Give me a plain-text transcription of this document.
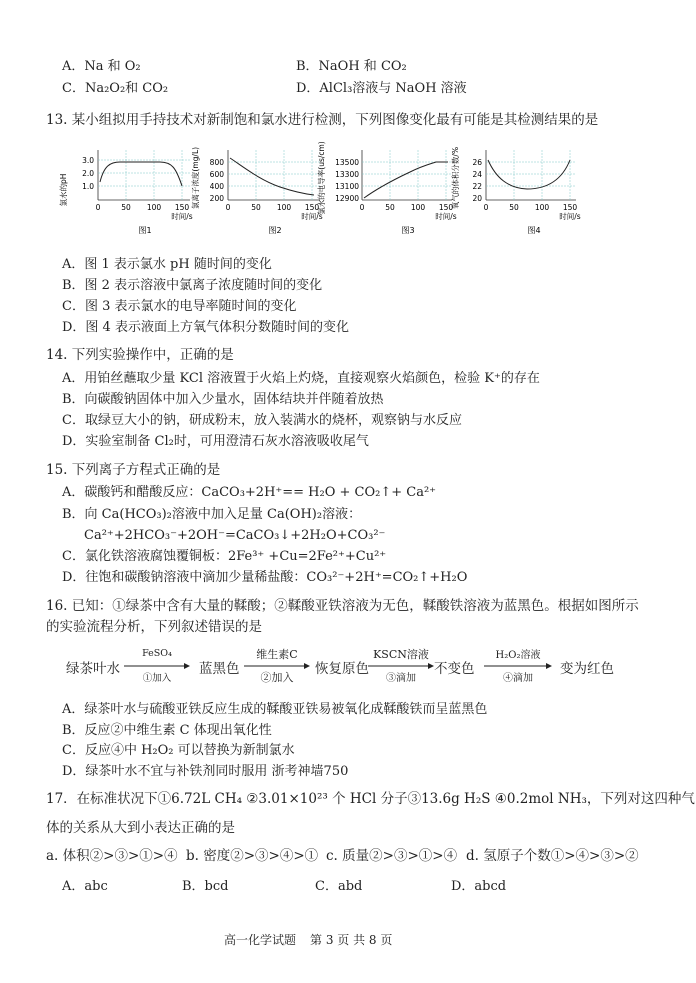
A．Na 和 O₂	B．NaOH 和 CO₂
C．Na₂O₂和 CO₂	D．AlCl₃溶液与 NaOH 溶液
13. 某小组拟用手持技术对新制饱和氯水进行检测，下列图像变化最有可能是其检测结果的是
氯水的pH
3.0
2.0
1.0
0	50 100 150
时间/s
图1
氯离子浓度(mg/L) 800
600
400
200
0	50 100 150
时间/s
图2
氯水的电导率(us/cm) 13500
13300
13100
12900
0	50 100 150
时间/s
图3
氧气的体积分数/% 26
24
22
20
0	50 100 150
时间/s
图4
A．图 1 表示氯水 pH 随时间的变化
B．图 2 表示溶液中氯离子浓度随时间的变化
C．图 3 表示氯水的电导率随时间的变化
D．图 4 表示液面上方氧气体积分数随时间的变化
14. 下列实验操作中，正确的是
A．用铂丝蘸取少量 KCl 溶液置于火焰上灼烧，直接观察火焰颜色，检验 K⁺的存在
B．向碳酸钠固体中加入少量水，固体结块并伴随着放热
C．取绿豆大小的钠，研成粉末，放入装满水的烧杯，观察钠与水反应
D．实验室制备 Cl₂时，可用澄清石灰水溶液吸收尾气
15. 下列离子方程式正确的是
A．碳酸钙和醋酸反应：CaCO₃+2H⁺== H₂O + CO₂↑+ Ca²⁺
B．向 Ca(HCO₃)₂溶液中加入足量 Ca(OH)₂溶液：
Ca²⁺+2HCO₃⁻+2OH⁻=CaCO₃↓+2H₂O+CO₃²⁻
C．氯化铁溶液腐蚀覆铜板：2Fe³⁺ +Cu=2Fe²⁺+Cu²⁺
D．往饱和碳酸钠溶液中滴加少量稀盐酸：CO₃²⁻+2H⁺=CO₂↑+H₂O
16. 已知：①绿茶中含有大量的鞣酸；②鞣酸亚铁溶液为无色，鞣酸铁溶液为蓝黑色。根据如图所示
的实验流程分析，下列叙述错误的是
绿茶叶水
FeSO₄
①加入
蓝黑色
维生素C
②加入
恢复原色
KSCN溶液
③滴加
不变色
H₂O₂溶液
④滴加
变为红色
A．绿茶叶水与硫酸亚铁反应生成的鞣酸亚铁易被氧化成鞣酸铁而呈蓝黑色
B．反应②中维生素 C 体现出氧化性
C．反应④中 H₂O₂ 可以替换为新制氯水
D．绿茶叶水不宜与补铁剂同时服用 浙考神墙750
17．在标准状况下①6.72L CH₄ ②3.01×10²³ 个 HCl 分子③13.6g H₂S ④0.2mol NH₃，下列对这四种气
体的关系从大到小表达正确的是
a. 体积②>③>①>④ b. 密度②>③>④>① c. 质量②>③>①>④ d. 氢原子个数①>④>③>②
A．abc	B．bcd	C．abd	D．abcd
高一化学试题 第 3 页 共 8 页
